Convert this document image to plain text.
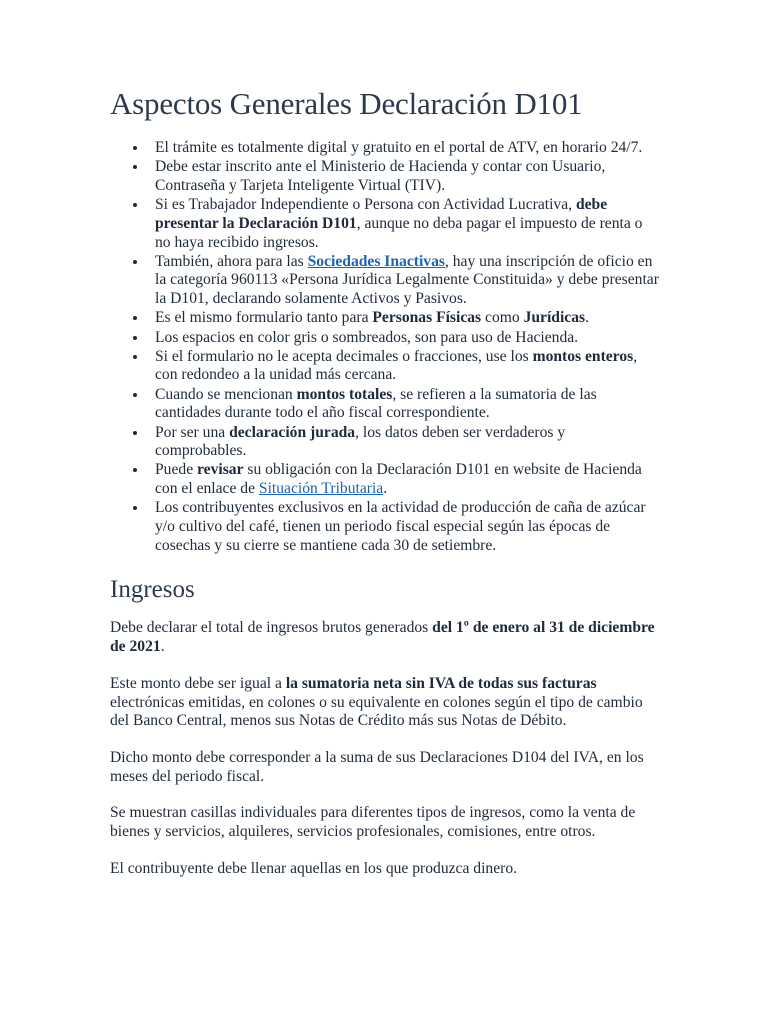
Aspectos Generales Declaración D101
El trámite es totalmente digital y gratuito en el portal de ATV, en horario 24/7.
Debe estar inscrito ante el Ministerio de Hacienda y contar con Usuario, Contraseña y Tarjeta Inteligente Virtual (TIV).
Si es Trabajador Independiente o Persona con Actividad Lucrativa, debe presentar la Declaración D101, aunque no deba pagar el impuesto de renta o no haya recibido ingresos.
También, ahora para las Sociedades Inactivas, hay una inscripción de oficio en la categoría 960113 «Persona Jurídica Legalmente Constituida» y debe presentar la D101, declarando solamente Activos y Pasivos.
Es el mismo formulario tanto para Personas Físicas como Jurídicas.
Los espacios en color gris o sombreados, son para uso de Hacienda.
Si el formulario no le acepta decimales o fracciones, use los montos enteros, con redondeo a la unidad más cercana.
Cuando se mencionan montos totales, se refieren a la sumatoria de las cantidades durante todo el año fiscal correspondiente.
Por ser una declaración jurada, los datos deben ser verdaderos y comprobables.
Puede revisar su obligación con la Declaración D101 en website de Hacienda con el enlace de Situación Tributaria.
Los contribuyentes exclusivos en la actividad de producción de caña de azúcar y/o cultivo del café, tienen un periodo fiscal especial según las épocas de cosechas y su cierre se mantiene cada 30 de setiembre.
Ingresos

Debe declarar el total de ingresos brutos generados del 1º de enero al 31 de diciembre de 2021.

Este monto debe ser igual a la sumatoria neta sin IVA de todas sus facturas electrónicas emitidas, en colones o su equivalente en colones según el tipo de cambio del Banco Central, menos sus Notas de Crédito más sus Notas de Débito.

Dicho monto debe corresponder a la suma de sus Declaraciones D104 del IVA, en los meses del periodo fiscal.

Se muestran casillas individuales para diferentes tipos de ingresos, como la venta de bienes y servicios, alquileres, servicios profesionales, comisiones, entre otros.

El contribuyente debe llenar aquellas en los que produzca dinero.
